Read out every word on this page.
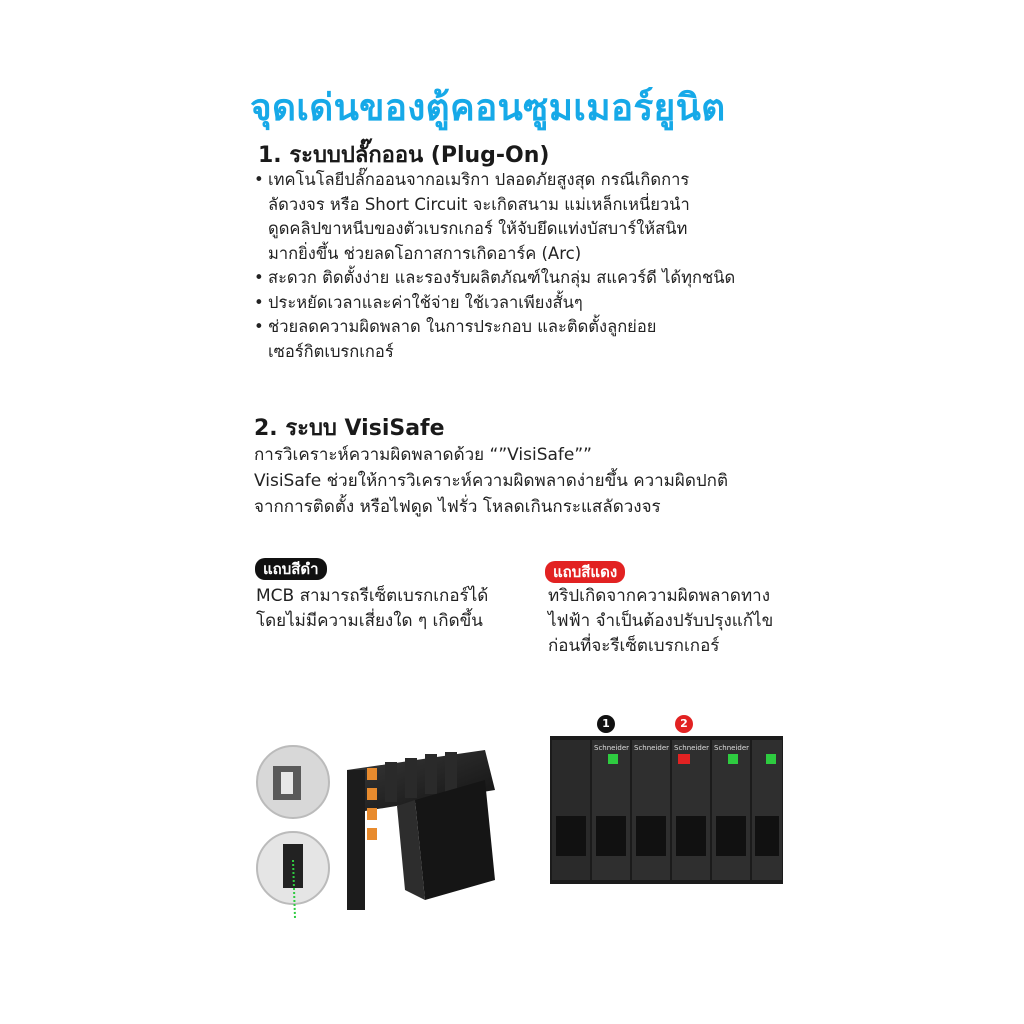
จุดเด่นของตู้คอนซูมเมอร์ยูนิต
1. ระบบปลั๊กออน (Plug-On)
• เทคโนโลยีปลั๊กออนจากอเมริกา ปลอดภัยสูงสุด กรณีเกิดการ
ลัดวงจร หรือ Short Circuit จะเกิดสนาม แม่เหล็กเหนี่ยวนำ
ดูดคลิปขาหนีบของตัวเบรกเกอร์ ให้จับยึดแท่งบัสบาร์ให้สนิท
มากยิ่งขึ้น ช่วยลดโอกาสการเกิดอาร์ค (Arc)
• สะดวก ติดตั้งง่าย และรองรับผลิตภัณฑ์ในกลุ่ม สแควร์ดี ได้ทุกชนิด
• ประหยัดเวลาและค่าใช้จ่าย ใช้เวลาเพียงสั้นๆ
• ช่วยลดความผิดพลาด ในการประกอบ และติดตั้งลูกย่อย
เซอร์กิตเบรกเกอร์
2. ระบบ VisiSafe
การวิเคราะห์ความผิดพลาดด้วย “”VisiSafe””
VisiSafe ช่วยให้การวิเคราะห์ความผิดพลาดง่ายขึ้น ความผิดปกติ
จากการติดตั้ง หรือไฟดูด ไฟรั่ว โหลดเกินกระแสลัดวงจร
แถบสีดำ
MCB สามารถรีเซ็ตเบรกเกอร์ได้
โดยไม่มีความเสี่ยงใด ๆ เกิดขึ้น
แถบสีแดง
ทริปเกิดจากความผิดพลาดทาง
ไฟฟ้า จำเป็นต้องปรับปรุงแก้ไข
ก่อนที่จะรีเซ็ตเบรกเกอร์
Schneider Schneider Schneider Schneider
1	2
